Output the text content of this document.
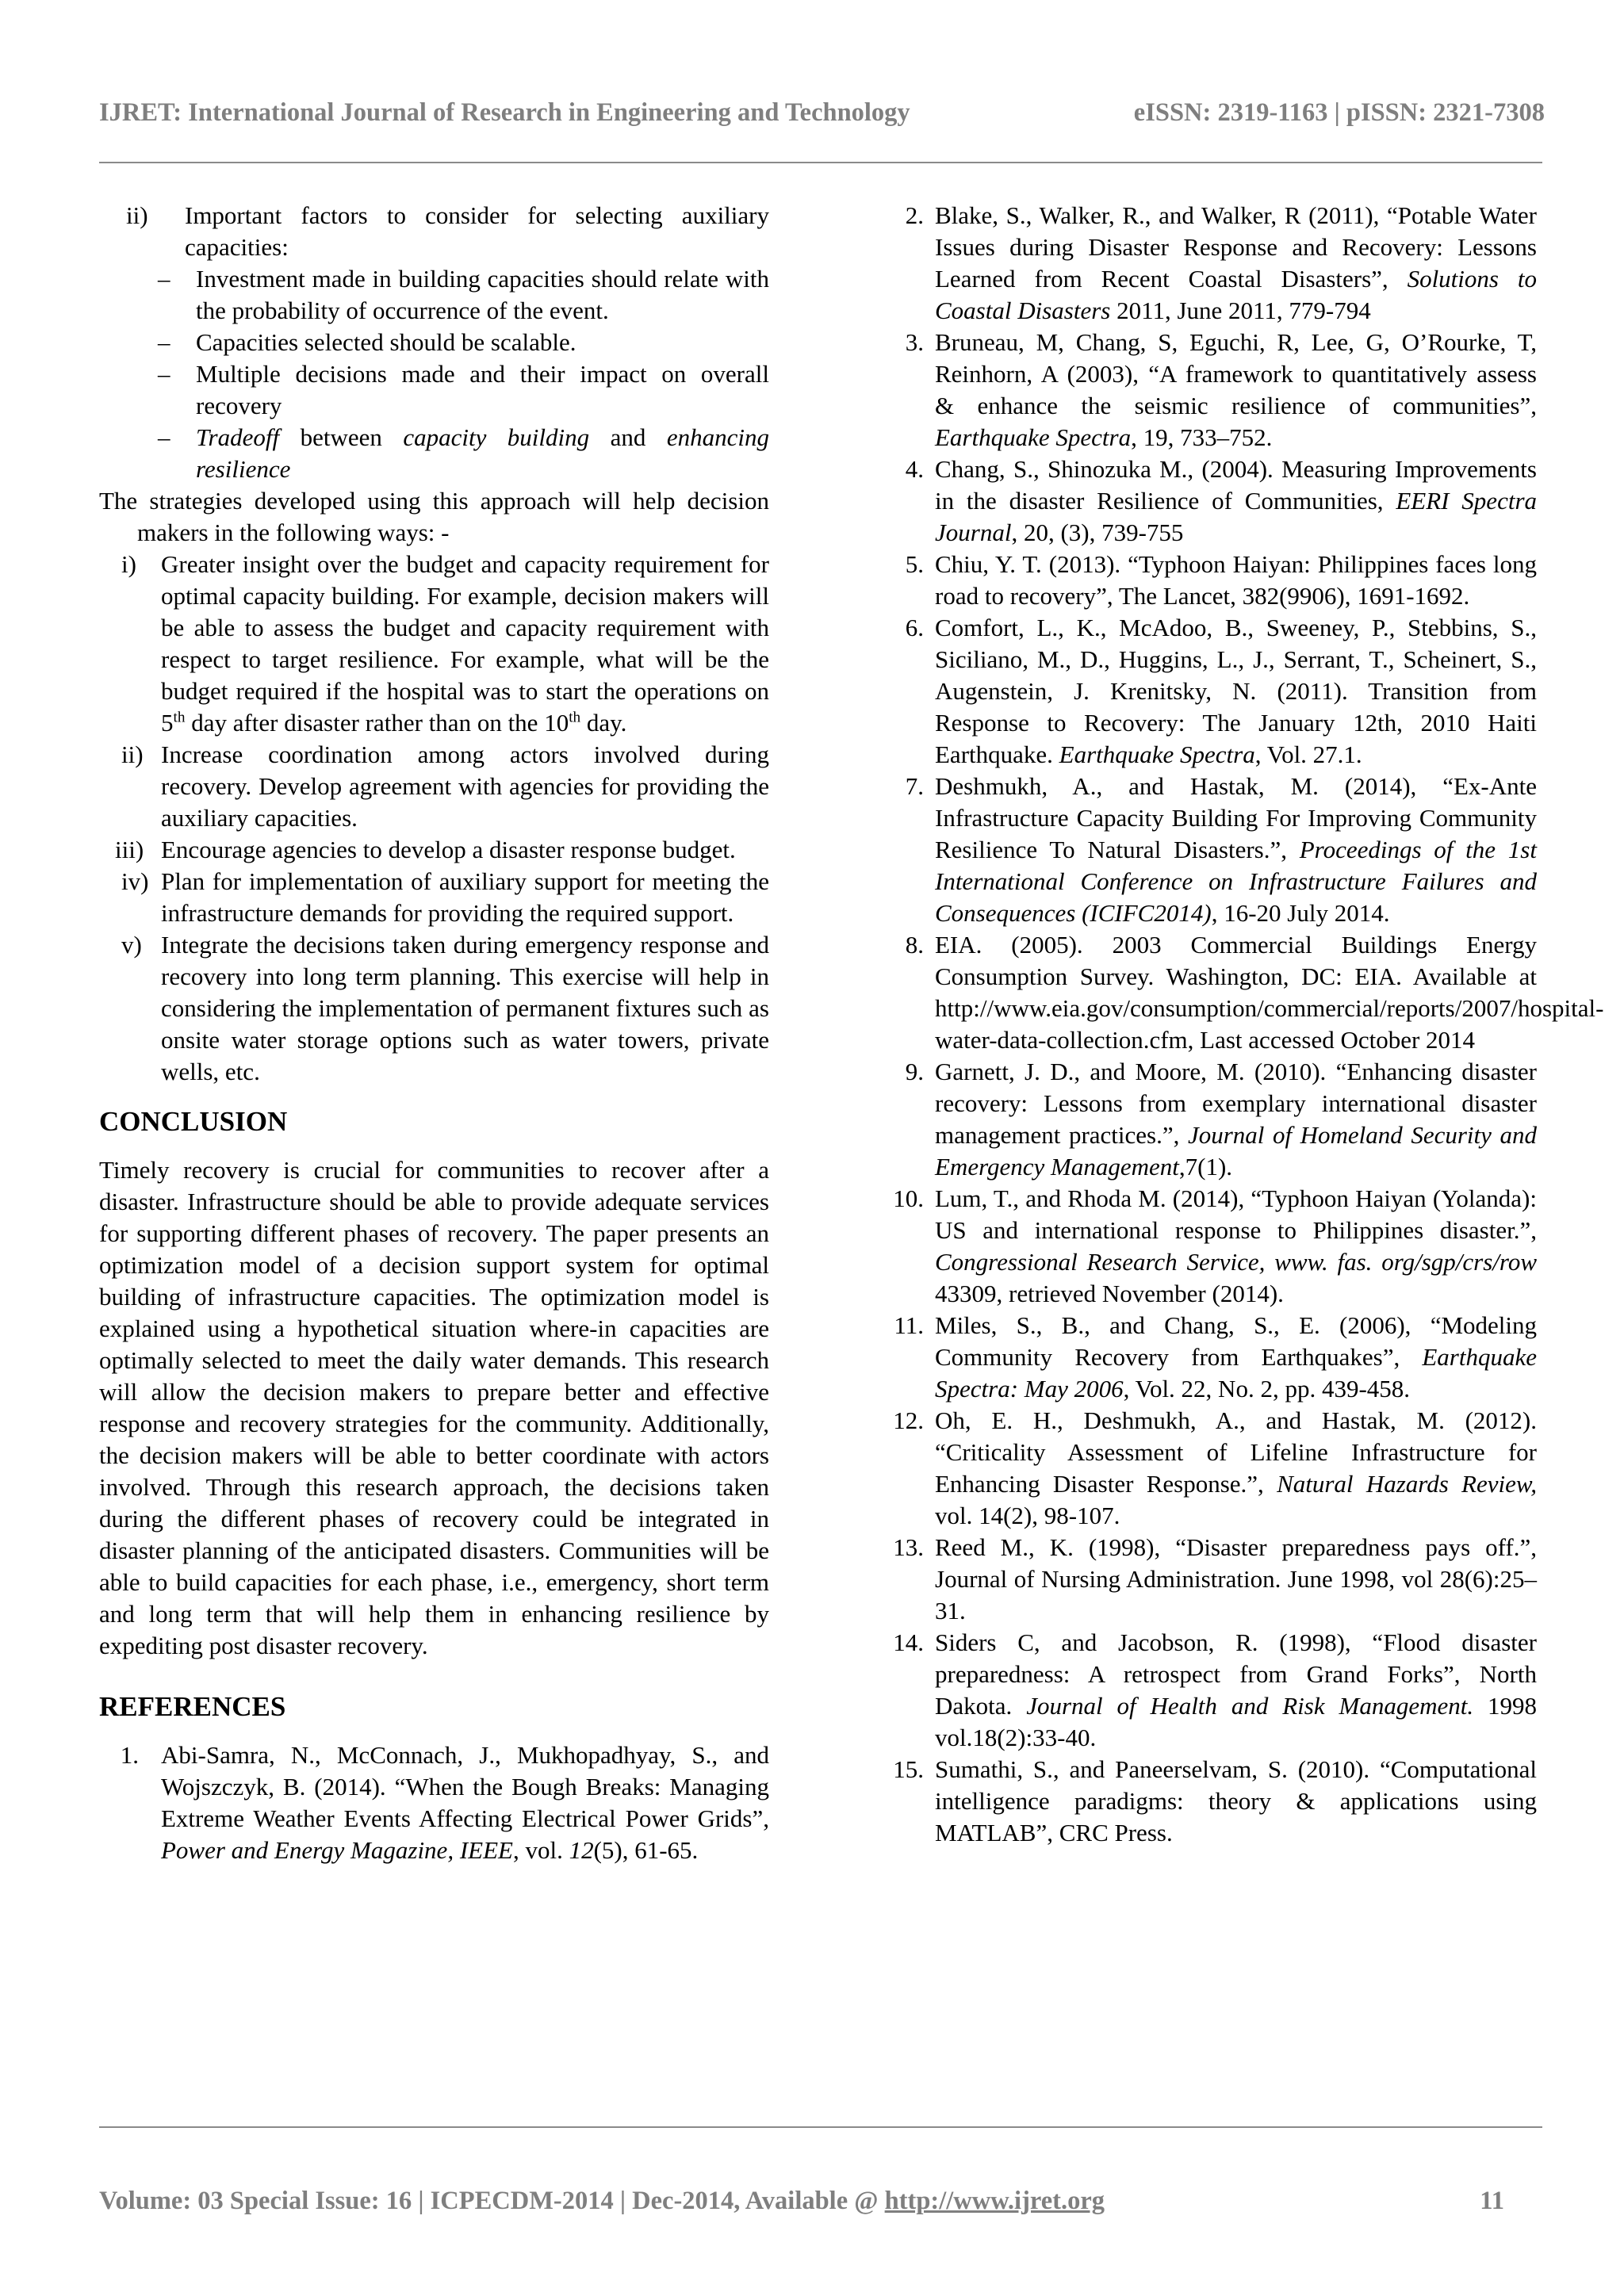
IJRET: International Journal of Research in Engineering and Technology	eISSN: 2319-1163 | pISSN: 2321-7308
ii) Important factors to consider for selecting auxiliary capacities:
– Investment made in building capacities should relate with the probability of occurrence of the event.
– Capacities selected should be scalable.
– Multiple decisions made and their impact on overall recovery
– Tradeoff between capacity building and enhancing resilience
The strategies developed using this approach will help decision makers in the following ways: -
i) Greater insight over the budget and capacity requirement for optimal capacity building. For example, decision makers will be able to assess the budget and capacity requirement with respect to target resilience. For example, what will be the budget required if the hospital was to start the operations on 5th day after disaster rather than on the 10th day.
ii) Increase coordination among actors involved during recovery. Develop agreement with agencies for providing the auxiliary capacities.
iii) Encourage agencies to develop a disaster response budget.
iv) Plan for implementation of auxiliary support for meeting the infrastructure demands for providing the required support.
v) Integrate the decisions taken during emergency response and recovery into long term planning. This exercise will help in considering the implementation of permanent fixtures such as onsite water storage options such as water towers, private wells, etc.
CONCLUSION
Timely recovery is crucial for communities to recover after a disaster. Infrastructure should be able to provide adequate services for supporting different phases of recovery. The paper presents an optimization model of a decision support system for optimal building of infrastructure capacities. The optimization model is explained using a hypothetical situation where-in capacities are optimally selected to meet the daily water demands. This research will allow the decision makers to prepare better and effective response and recovery strategies for the community. Additionally, the decision makers will be able to better coordinate with actors involved. Through this research approach, the decisions taken during the different phases of recovery could be integrated in disaster planning of the anticipated disasters. Communities will be able to build capacities for each phase, i.e., emergency, short term and long term that will help them in enhancing resilience by expediting post disaster recovery.
REFERENCES
1. Abi-Samra, N., McConnach, J., Mukhopadhyay, S., and Wojszczyk, B. (2014). “When the Bough Breaks: Managing Extreme Weather Events Affecting Electrical Power Grids”, Power and Energy Magazine, IEEE, vol. 12(5), 61-65.
2. Blake, S., Walker, R., and Walker, R (2011), “Potable Water Issues during Disaster Response and Recovery: Lessons Learned from Recent Coastal Disasters”, Solutions to Coastal Disasters 2011, June 2011, 779-794
3. Bruneau, M, Chang, S, Eguchi, R, Lee, G, O’Rourke, T, Reinhorn, A (2003), “A framework to quantitatively assess & enhance the seismic resilience of communities”, Earthquake Spectra, 19, 733–752.
4. Chang, S., Shinozuka M., (2004). Measuring Improvements in the disaster Resilience of Communities, EERI Spectra Journal, 20, (3), 739-755
5. Chiu, Y. T. (2013). “Typhoon Haiyan: Philippines faces long road to recovery”, The Lancet, 382(9906), 1691-1692.
6. Comfort, L., K., McAdoo, B., Sweeney, P., Stebbins, S., Siciliano, M., D., Huggins, L., J., Serrant, T., Scheinert, S., Augenstein, J. Krenitsky, N. (2011). Transition from Response to Recovery: The January 12th, 2010 Haiti Earthquake. Earthquake Spectra, Vol. 27.1.
7. Deshmukh, A., and Hastak, M. (2014), “Ex-Ante Infrastructure Capacity Building For Improving Community Resilience To Natural Disasters.”, Proceedings of the 1st International Conference on Infrastructure Failures and Consequences (ICIFC2014), 16-20 July 2014.
8. EIA. (2005). 2003 Commercial Buildings Energy Consumption Survey. Washington, DC: EIA. Available at http://www.eia.gov/consumption/commercial/reports/2007/hospital-water-data-collection.cfm, Last accessed October 2014
9. Garnett, J. D., and Moore, M. (2010). “Enhancing disaster recovery: Lessons from exemplary international disaster management practices.”, Journal of Homeland Security and Emergency Management,7(1).
10. Lum, T., and Rhoda M. (2014), “Typhoon Haiyan (Yolanda): US and international response to Philippines disaster.”, Congressional Research Service, www. fas. org/sgp/crs/row 43309, retrieved November (2014).
11. Miles, S., B., and Chang, S., E. (2006), “Modeling Community Recovery from Earthquakes”, Earthquake Spectra: May 2006, Vol. 22, No. 2, pp. 439-458.
12. Oh, E. H., Deshmukh, A., and Hastak, M. (2012). “Criticality Assessment of Lifeline Infrastructure for Enhancing Disaster Response.”, Natural Hazards Review, vol. 14(2), 98-107.
13. Reed M., K. (1998), “Disaster preparedness pays off.”, Journal of Nursing Administration. June 1998, vol 28(6):25–31.
14. Siders C, and Jacobson, R. (1998), “Flood disaster preparedness: A retrospect from Grand Forks”, North Dakota. Journal of Health and Risk Management. 1998 vol.18(2):33-40.
15. Sumathi, S., and Paneerselvam, S. (2010). “Computational intelligence paradigms: theory & applications using MATLAB”, CRC Press.
Volume: 03 Special Issue: 16 | ICPECDM-2014 | Dec-2014, Available @ http://www.ijret.org	11
